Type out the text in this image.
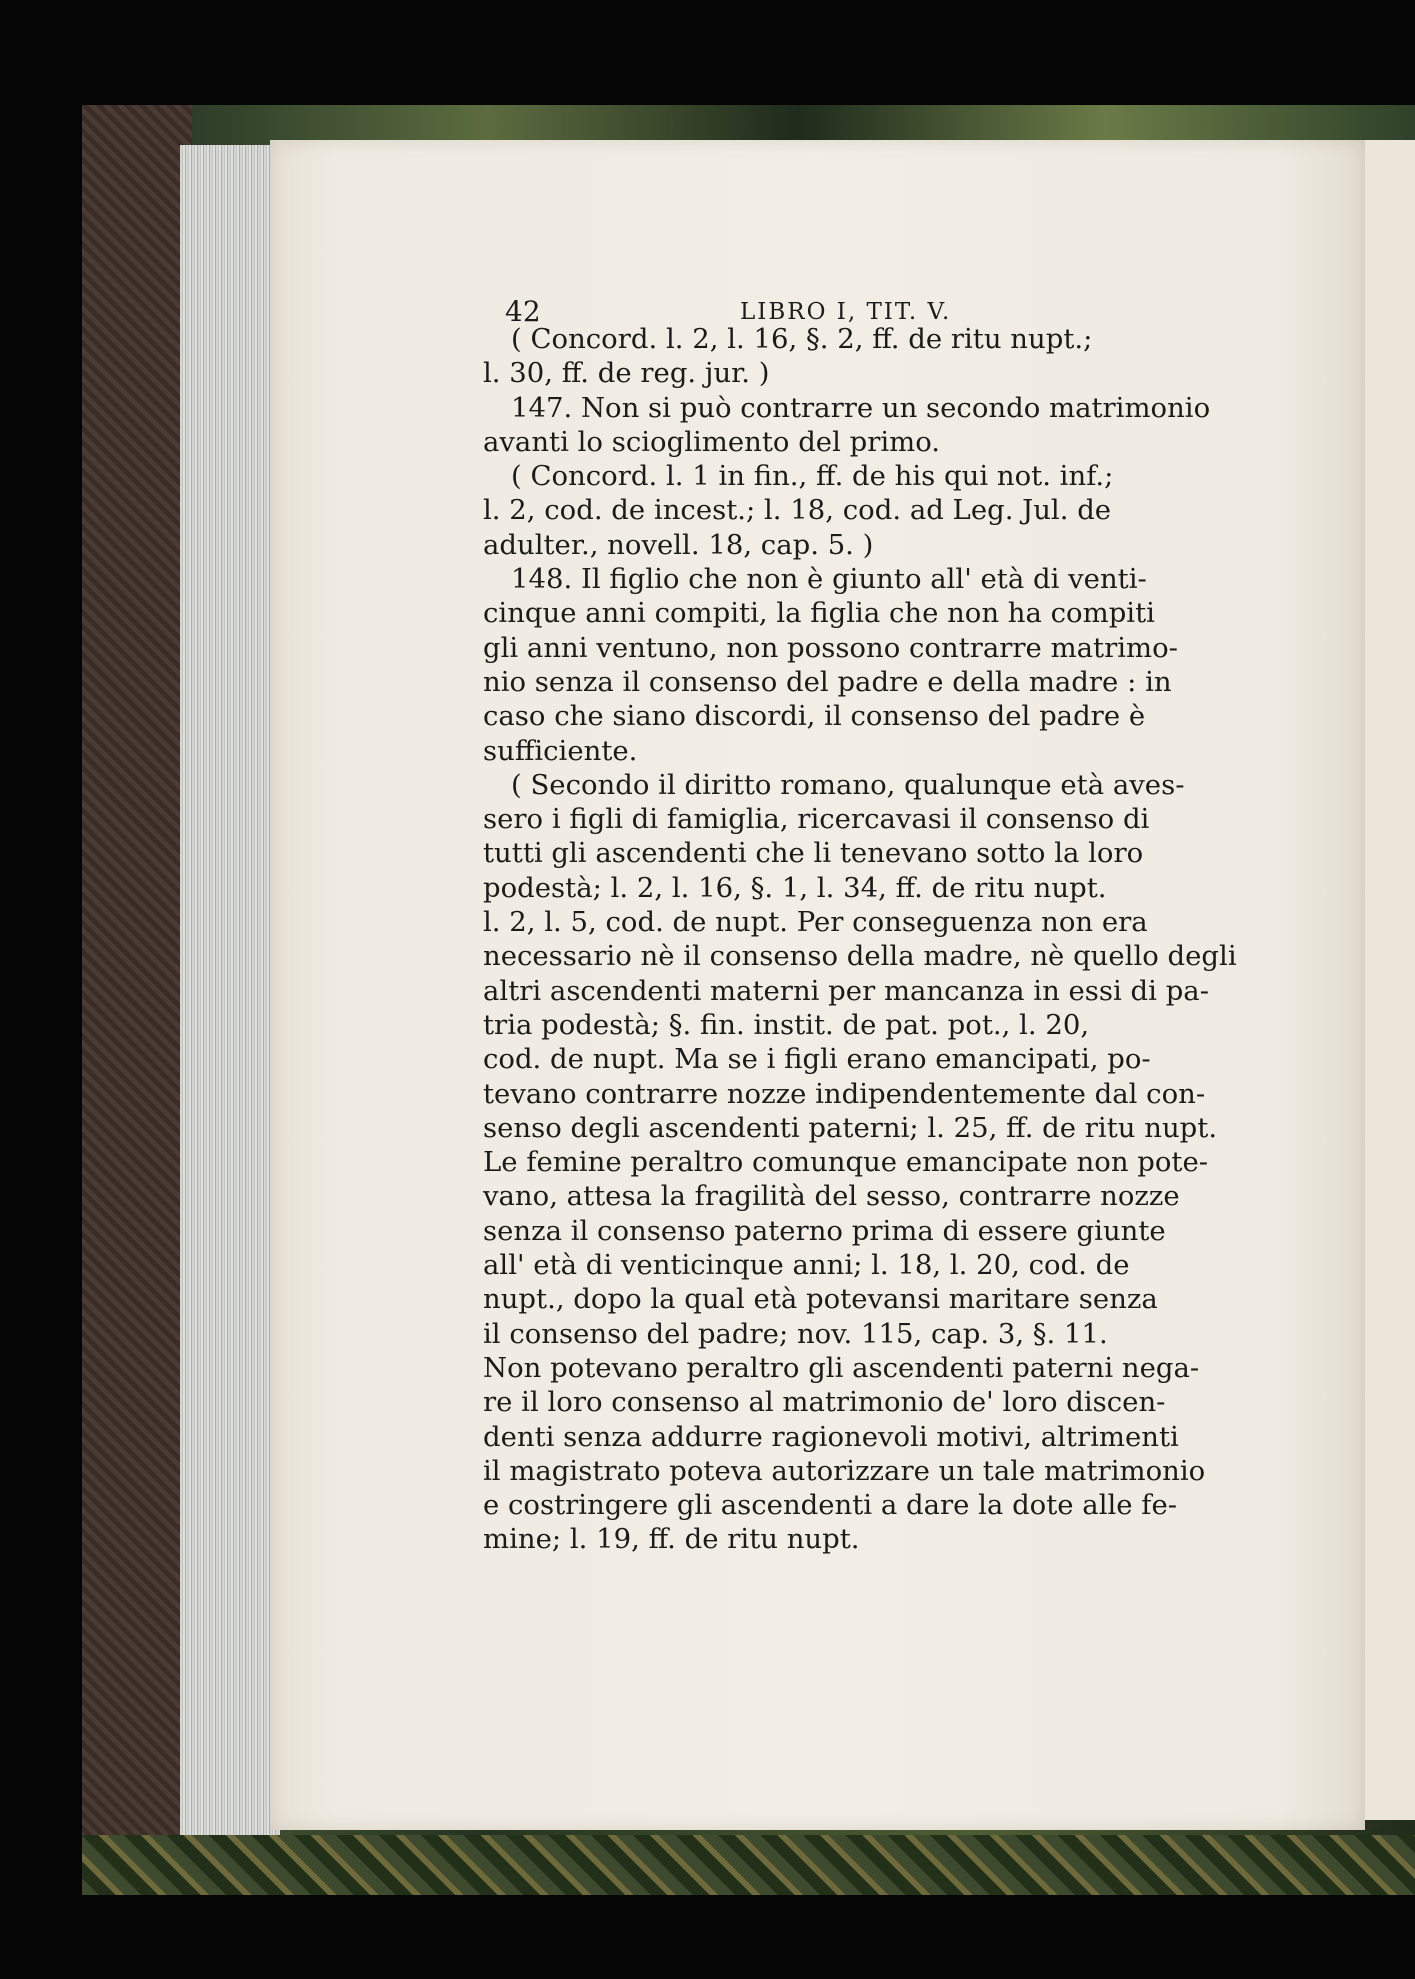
42	LIBRO I, TIT. V.
( Concord. l. 2, l. 16, §. 2, ff. de ritu nupt.;
l. 30, ff. de reg. jur. )
147. Non si può contrarre un secondo matrimonio
avanti lo scioglimento del primo.
( Concord. l. 1 in fin., ff. de his qui not. inf.;
l. 2, cod. de incest.; l. 18, cod. ad Leg. Jul. de
adulter., novell. 18, cap. 5. )
148. Il figlio che non è giunto all' età di venti-
cinque anni compiti, la figlia che non ha compiti
gli anni ventuno, non possono contrarre matrimo-
nio senza il consenso del padre e della madre : in
caso che siano discordi, il consenso del padre è
sufficiente.
( Secondo il diritto romano, qualunque età aves-
sero i figli di famiglia, ricercavasi il consenso di
tutti gli ascendenti che li tenevano sotto la loro
podestà; l. 2, l. 16, §. 1, l. 34, ff. de ritu nupt.
l. 2, l. 5, cod. de nupt. Per conseguenza non era
necessario nè il consenso della madre, nè quello degli
altri ascendenti materni per mancanza in essi di pa-
tria podestà; §. fin. instit. de pat. pot., l. 20,
cod. de nupt. Ma se i figli erano emancipati, po-
tevano contrarre nozze indipendentemente dal con-
senso degli ascendenti paterni; l. 25, ff. de ritu nupt.
Le femine peraltro comunque emancipate non pote-
vano, attesa la fragilità del sesso, contrarre nozze
senza il consenso paterno prima di essere giunte
all' età di venticinque anni; l. 18, l. 20, cod. de
nupt., dopo la qual età potevansi maritare senza
il consenso del padre; nov. 115, cap. 3, §. 11.
Non potevano peraltro gli ascendenti paterni nega-
re il loro consenso al matrimonio de' loro discen-
denti senza addurre ragionevoli motivi, altrimenti
il magistrato poteva autorizzare un tale matrimonio
e costringere gli ascendenti a dare la dote alle fe-
mine; l. 19, ff. de ritu nupt.
